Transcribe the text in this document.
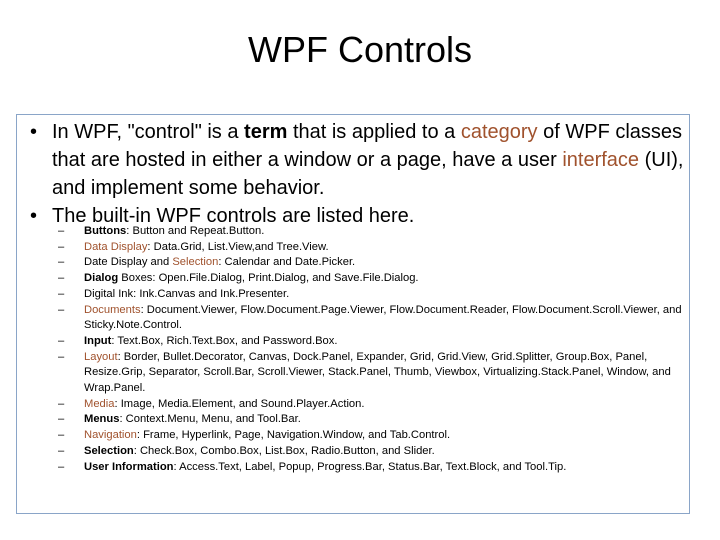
WPF Controls
• In WPF, "control" is a term that is applied to a category of WPF classes that are hosted in either a window or a page, have a user interface (UI), and implement some behavior.
• The built-in WPF controls are listed here.
– Buttons: Button and Repeat.Button.
– Data Display: Data.Grid, List.View,and Tree.View.
– Date Display and Selection: Calendar and Date.Picker.
– Dialog Boxes: Open.File.Dialog, Print.Dialog, and Save.File.Dialog.
– Digital Ink: Ink.Canvas and Ink.Presenter.
– Documents: Document.Viewer, Flow.Document.Page.Viewer, Flow.Document.Reader, Flow.Document.Scroll.Viewer, and Sticky.Note.Control.
– Input: Text.Box, Rich.Text.Box, and Password.Box.
– Layout: Border, Bullet.Decorator, Canvas, Dock.Panel, Expander, Grid, Grid.View, Grid.Splitter, Group.Box, Panel, Resize.Grip, Separator, Scroll.Bar, Scroll.Viewer, Stack.Panel, Thumb, Viewbox, Virtualizing.Stack.Panel, Window, and Wrap.Panel.
– Media: Image, Media.Element, and Sound.Player.Action.
– Menus: Context.Menu, Menu, and Tool.Bar.
– Navigation: Frame, Hyperlink, Page, Navigation.Window, and Tab.Control.
– Selection: Check.Box, Combo.Box, List.Box, Radio.Button, and Slider.
– User Information: Access.Text, Label, Popup, Progress.Bar, Status.Bar, Text.Block, and Tool.Tip.
